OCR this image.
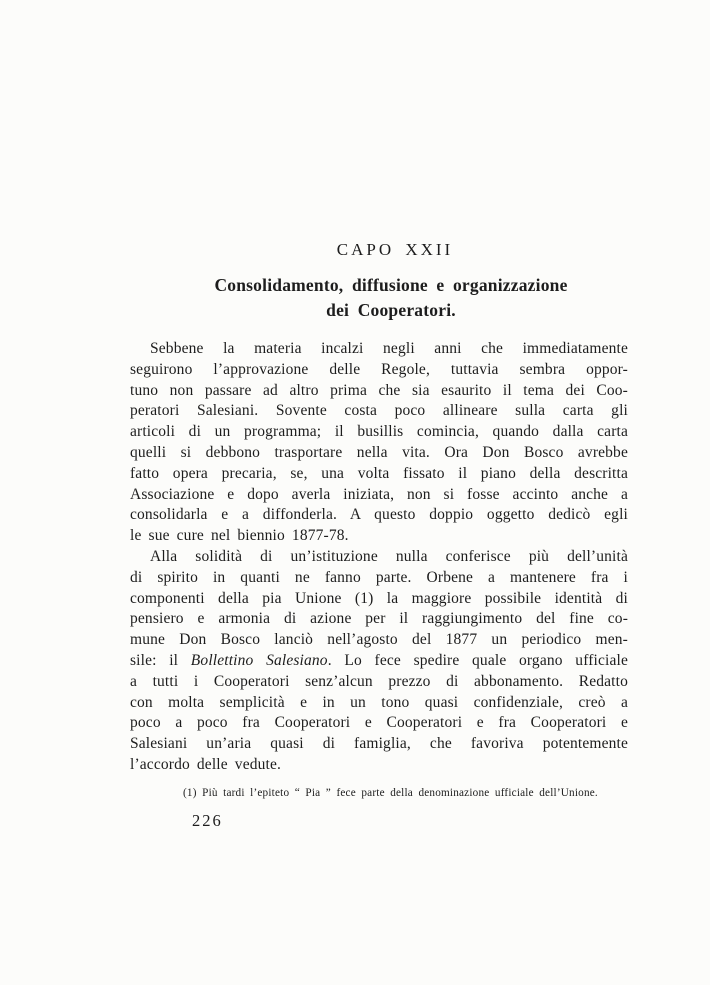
CAPO XXII
Consolidamento, diffusione e organizzazione
dei Cooperatori.
Sebbene la materia incalzi negli anni che immediatamente
seguirono l’approvazione delle Regole, tuttavia sembra oppor-
tuno non passare ad altro prima che sia esaurito il tema dei Coo-
peratori Salesiani. Sovente costa poco allineare sulla carta gli
articoli di un programma; il busillis comincia, quando dalla carta
quelli si debbono trasportare nella vita. Ora Don Bosco avrebbe
fatto opera precaria, se, una volta fissato il piano della descritta
Associazione e dopo averla iniziata, non si fosse accinto anche a
consolidarla e a diffonderla. A questo doppio oggetto dedicò egli
le sue cure nel biennio 1877-78.
Alla solidità di un’istituzione nulla conferisce più dell’unità
di spirito in quanti ne fanno parte. Orbene a mantenere fra i
componenti della pia Unione (1) la maggiore possibile identità di
pensiero e armonia di azione per il raggiungimento del fine co-
mune Don Bosco lanciò nell’agosto del 1877 un periodico men-
sile: il Bollettino Salesiano. Lo fece spedire quale organo ufficiale
a tutti i Cooperatori senz’alcun prezzo di abbonamento. Redatto
con molta semplicità e in un tono quasi confidenziale, creò a
poco a poco fra Cooperatori e Cooperatori e fra Cooperatori e
Salesiani un’aria quasi di famiglia, che favoriva potentemente
l’accordo delle vedute.
(1) Più tardi l’epiteto “ Pia ” fece parte della denominazione ufficiale dell’Unione.
226
